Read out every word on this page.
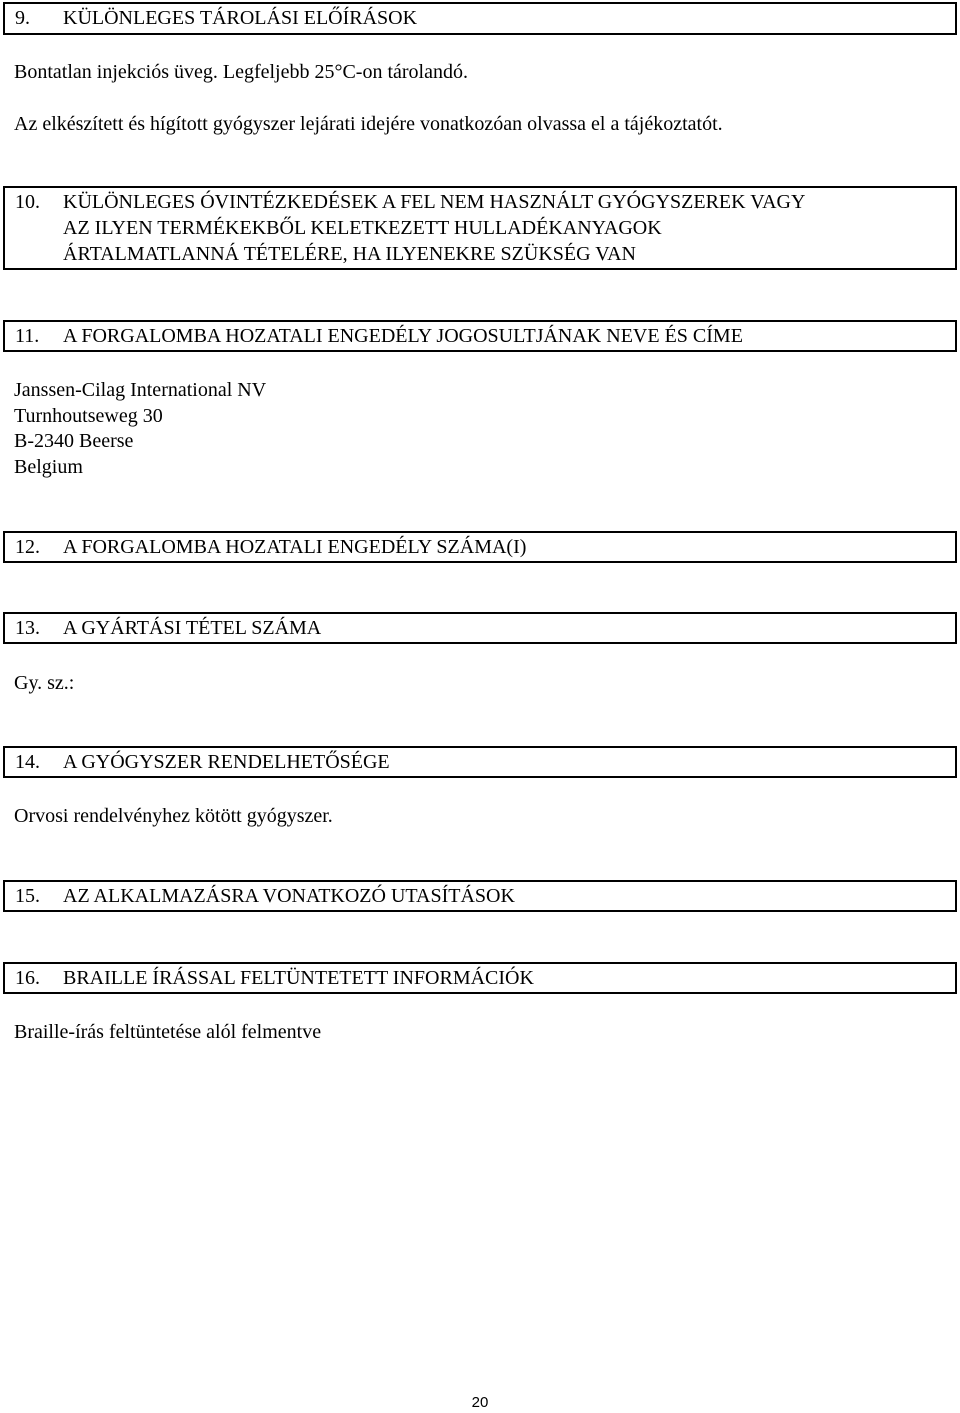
9.	KÜLÖNLEGES TÁROLÁSI ELŐÍRÁSOK
Bontatlan injekciós üveg. Legfeljebb 25°C-on tárolandó.
Az elkészített és hígított gyógyszer lejárati idejére vonatkozóan olvassa el a tájékoztatót.
10.	KÜLÖNLEGES ÓVINTÉZKEDÉSEK A FEL NEM HASZNÁLT GYÓGYSZEREK VAGY
AZ ILYEN TERMÉKEKBŐL KELETKEZETT HULLADÉKANYAGOK
ÁRTALMATLANNÁ TÉTELÉRE, HA ILYENEKRE SZÜKSÉG VAN
11.	A FORGALOMBA HOZATALI ENGEDÉLY JOGOSULTJÁNAK NEVE ÉS CÍME
Janssen-Cilag International NV
Turnhoutseweg 30
B-2340 Beerse
Belgium
12.	A FORGALOMBA HOZATALI ENGEDÉLY SZÁMA(I)
13.	A GYÁRTÁSI TÉTEL SZÁMA
Gy. sz.:
14.	A GYÓGYSZER RENDELHETŐSÉGE
Orvosi rendelvényhez kötött gyógyszer.
15.	AZ ALKALMAZÁSRA VONATKOZÓ UTASÍTÁSOK
16.	BRAILLE ÍRÁSSAL FELTÜNTETETT INFORMÁCIÓK
Braille-írás feltüntetése alól felmentve
20
